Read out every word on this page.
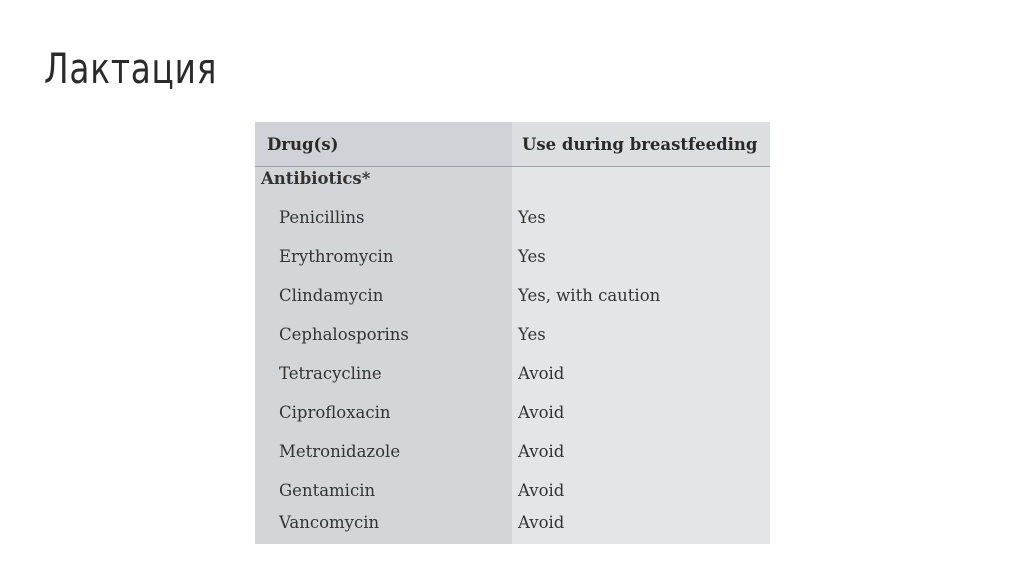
Лактация
Drug(s)	Use during breastfeeding
Antibiotics*	
Penicillins	Yes
Erythromycin	Yes
Clindamycin	Yes, with caution
Cephalosporins	Yes
Tetracycline	Avoid
Ciprofloxacin	Avoid
Metronidazole	Avoid
Gentamicin	Avoid
Vancomycin	Avoid
